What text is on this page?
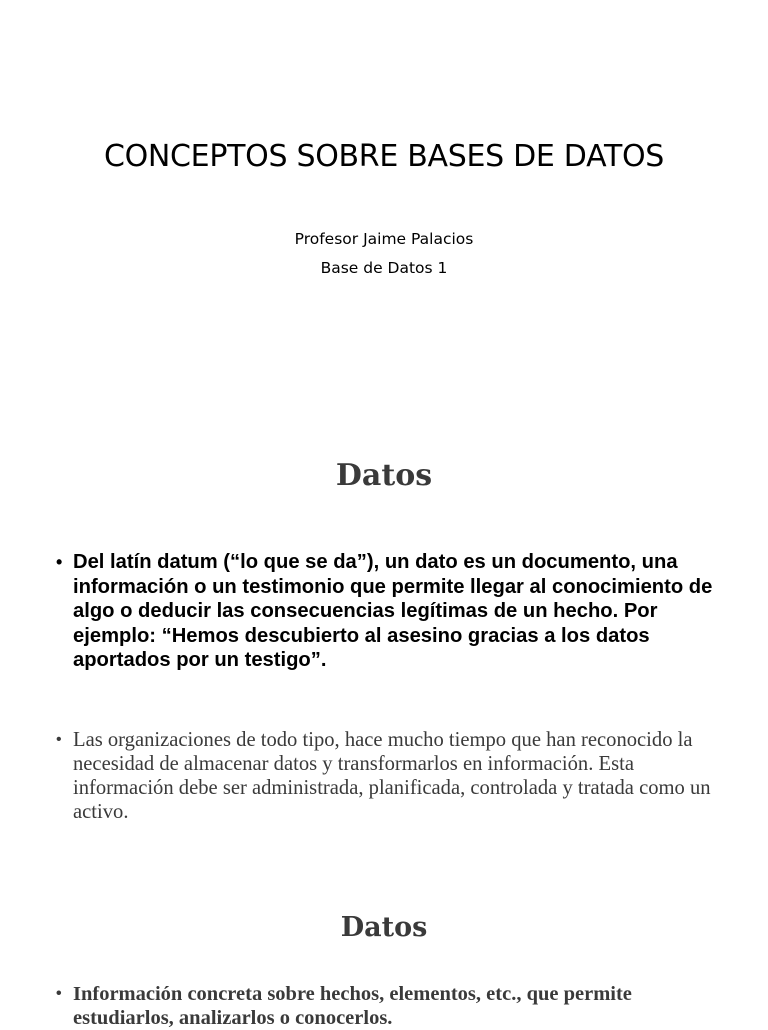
CONCEPTOS SOBRE BASES DE DATOS
Profesor Jaime Palacios
Base de Datos 1
Datos
• Del latín datum (“lo que se da”), un dato es un documento, una información o un testimonio que permite llegar al conocimiento de algo o deducir las consecuencias legítimas de un hecho. Por ejemplo: “Hemos descubierto al asesino gracias a los datos aportados por un testigo”.
• Las organizaciones de todo tipo, hace mucho tiempo que han reconocido la necesidad de almacenar datos y transformarlos en información. Esta información debe ser administrada, planificada, controlada y tratada como un activo.
Datos
• Información concreta sobre hechos, elementos, etc., que permite estudiarlos, analizarlos o conocerlos.
